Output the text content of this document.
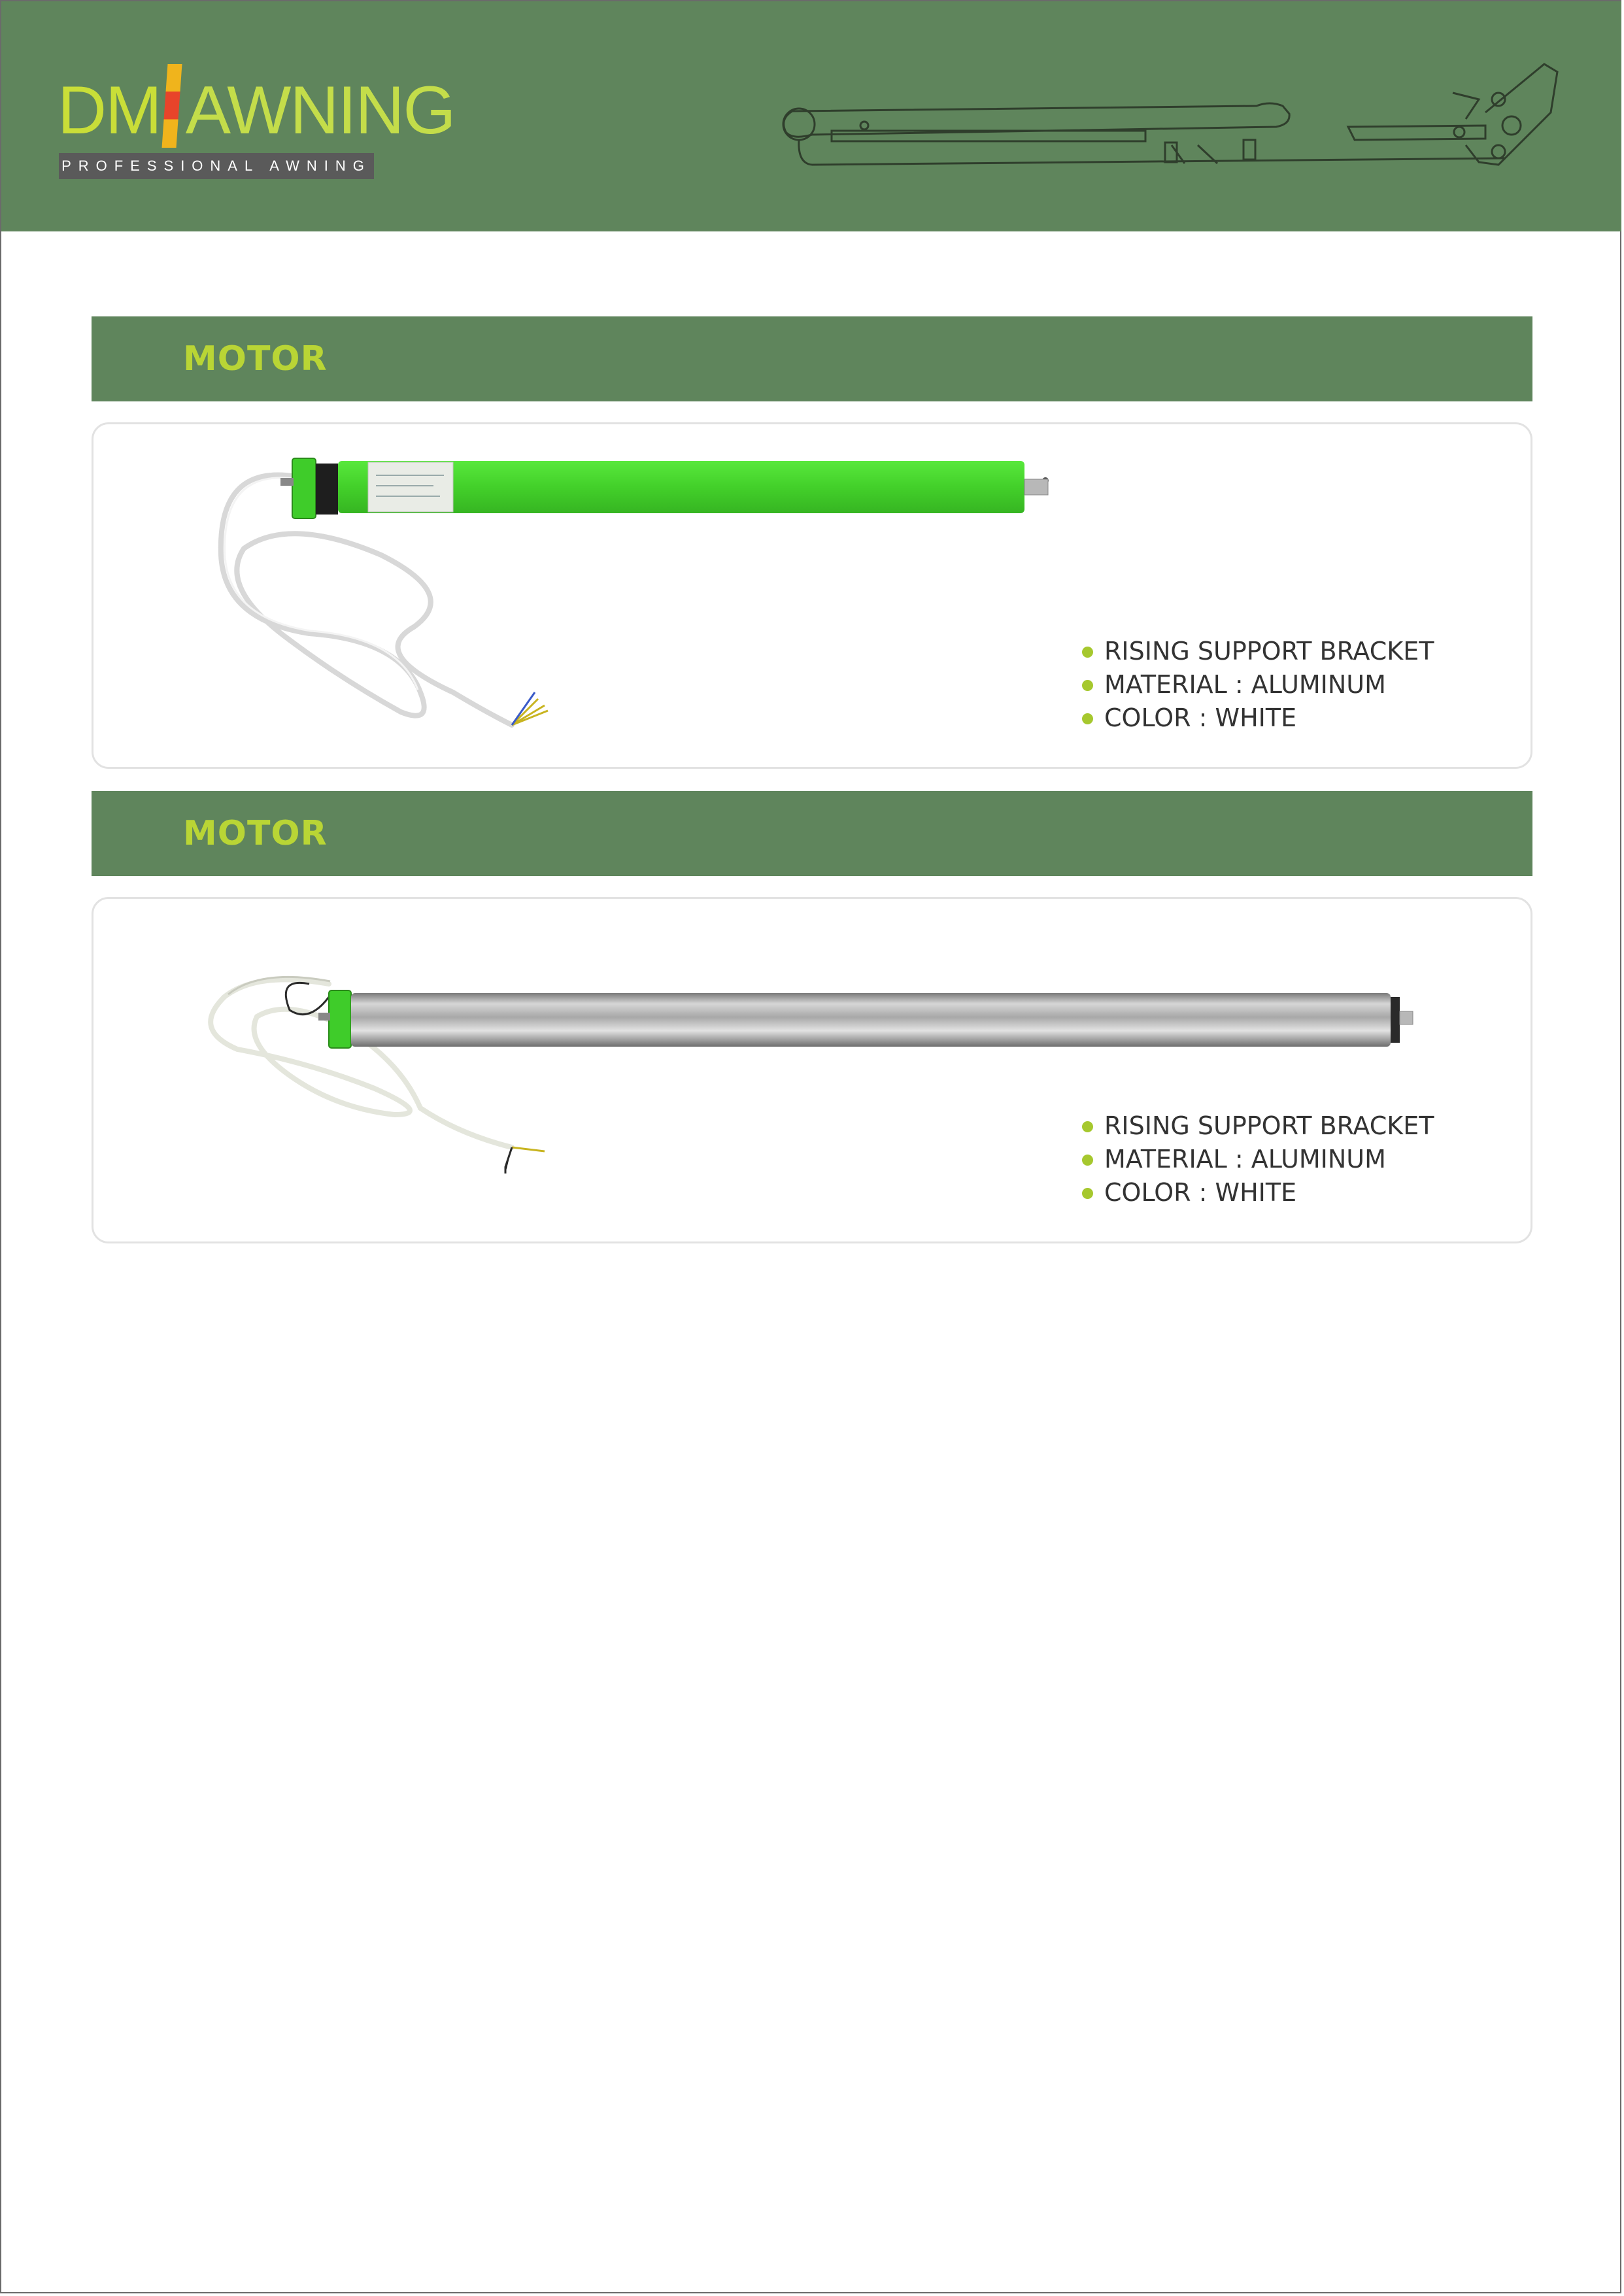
DM AWNING
PROFESSIONAL AWNING
MOTOR
RISING SUPPORT BRACKET
MATERIAL : ALUMINUM
COLOR : WHITE
MOTOR
RISING SUPPORT BRACKET
MATERIAL : ALUMINUM
COLOR : WHITE
